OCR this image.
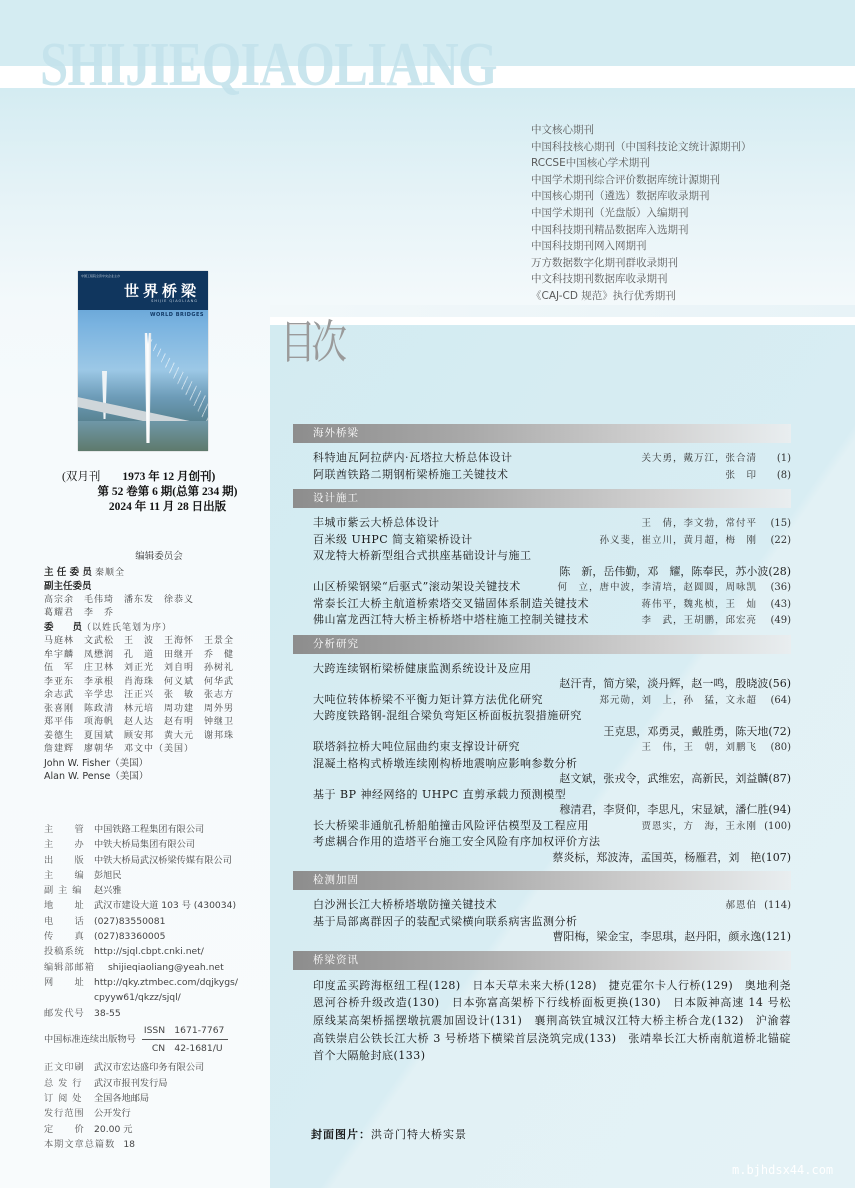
SHIJIEQIAOLIANG
中文核心期刊
中国科技核心期刊（中国科技论文统计源期刊）
RCCSE中国核心学术期刊
中国学术期刊综合评价数据库统计源期刊
中国核心期刊（遴选）数据库收录期刊
中国学术期刊（光盘版）入编期刊
中国科技期刊精品数据库入选期刊
中国科技期刊网入网期刊
万方数据数字化期刊群收录期刊
中文科技期刊数据库收录期刊
《CAJ-CD 规范》执行优秀期刊
中国工程院全资中央企业主办
世界桥梁
SHIJIE QIAOLIANG
WORLD BRIDGES
(双月刊 1973 年 12 月创刊)
第 52 卷第 6 期(总第 234 期)
2024 年 11 月 28 日出版
编辑委员会
主 任 委 员 秦顺全
副主任委员
高宗余　毛伟琦　潘东发　徐恭义
葛耀君　李　乔
委　　员（以姓氏笔划为序）
马庭林　文武松　王　波　王海怀　王景全
牟宇麟　凤懋润　孔　道　田继开　乔　健
伍　军　庄卫林　刘正光　刘自明　孙树礼
李亚东　李承根　肖海珠　何义斌　何华武
余志武　辛学忠　汪正兴　张　敏　张志方
张喜刚　陈政清　林元培　周功建　周外男
郑平伟　项海帆　赵人达　赵有明　钟继卫
姜德生　夏国斌　顾安邦　黄大元　谢邦珠
詹建辉　廖朝华　邓文中（美国）
John W. Fisher（美国）
Alan W. Pense（美国）
主　　管	中国铁路工程集团有限公司
主　　办	中铁大桥局集团有限公司
出　　版	中铁大桥局武汉桥梁传媒有限公司
主　　编	彭旭民
副 主 编	赵兴雅
地　　址	武汉市建设大道 103 号 (430034)
电　　话	(027)83550081
传　　真	(027)83360005
投稿系统	http://sjql.cbpt.cnki.net/
编辑部邮箱	shijieqiaoliang@yeah.net
网　　址	http://qky.ztmbec.com/dqjkygs/
cpyyw61/qkzz/sjql/
邮发代号	38-55
中国标准连续出版物号 $\frac{\text{ISSN　1671-7767}}{CN 42-1681/U}$
正文印刷	武汉市宏达盛印务有限公司
总 发 行	武汉市报刊发行局
订 阅 处	全国各地邮局
发行范围	公开发行
定　　价	20.00 元
本期文章总篇数 18
目次
海外桥梁
科特迪瓦阿拉萨内·瓦塔拉大桥总体设计	关大勇，戴万江，张合清 (1)
阿联酋铁路二期钢桁梁桥施工关键技术	张　印 (8)
设计施工
丰城市紫云大桥总体设计	王　倩，李文勃，常付平 (15)
百米级 UHPC 简支箱梁桥设计	孙义斐，崔立川，黄月超，梅　刚 (22)
双龙特大桥新型组合式拱座基础设计与施工
陈　新，岳伟勤，邓　耀，陈奉民，苏小波 (28)
山区桥梁钢梁“后驱式”滚动架设关键技术	何　立，唐中波，李清培，赵圆圆，周咏凯 (36)
常泰长江大桥主航道桥索塔交叉锚固体系制造关键技术	蒋伟平，魏兆桢，王　灿 (43)
佛山富龙西江特大桥主桥桥塔中塔柱施工控制关键技术	李　武，王胡鹏，邱宏亮 (49)
分析研究
大跨连续钢桁梁桥健康监测系统设计及应用
赵汗青，简方梁，淡丹辉，赵一鸣，殷晓波 (56)
大吨位转体桥梁不平衡力矩计算方法优化研究	郑元勋，刘　上，孙　猛，文永超 (64)
大跨度铁路钢-混组合梁负弯矩区桥面板抗裂措施研究
王克思，邓勇灵，戴胜勇，陈天地 (72)
联塔斜拉桥大吨位屈曲约束支撑设计研究	王　伟，王　朝，刘鹏飞 (80)
混凝土格构式桥墩连续刚构桥地震响应影响参数分析
赵文斌，张戎令，武维宏，高新民，刘益麟 (87)
基于 BP 神经网络的 UHPC 直剪承载力预测模型
穆清君，李贤仰，李思凡，宋显斌，潘仁胜 (94)
长大桥梁非通航孔桥船舶撞击风险评估模型及工程应用	贾恩实，方　海，王永刚 (100)
考虑耦合作用的造塔平台施工安全风险有序加权评价方法
蔡炎标，郑波涛，孟国英，杨雁君，刘　艳 (107)
检测加固
白沙洲长江大桥桥塔墩防撞关键技术	郝恩伯 (114)
基于局部离群因子的装配式梁横向联系病害监测分析
曹阳梅，梁金宝，李思琪，赵丹阳，颜永逸 (121)
桥梁资讯
印度孟买跨海枢纽工程(128)　日本天草未来大桥(128)　捷克霍尔卡人行桥(129)　奥地利尧恩河谷桥升级改造(130)　日本弥富高架桥下行线桥面板更换(130)　日本阪神高速 14 号松原线某高架桥摇摆墩抗震加固设计(131)　襄荆高铁宜城汉江特大桥主桥合龙(132)　沪渝蓉高铁崇启公铁长江大桥 3 号桥塔下横梁首层浇筑完成(133)　张靖皋长江大桥南航道桥北锚碇首个大隔舱封底(133)
封面图片：洪奇门特大桥实景
m.bjhdsx44.com
